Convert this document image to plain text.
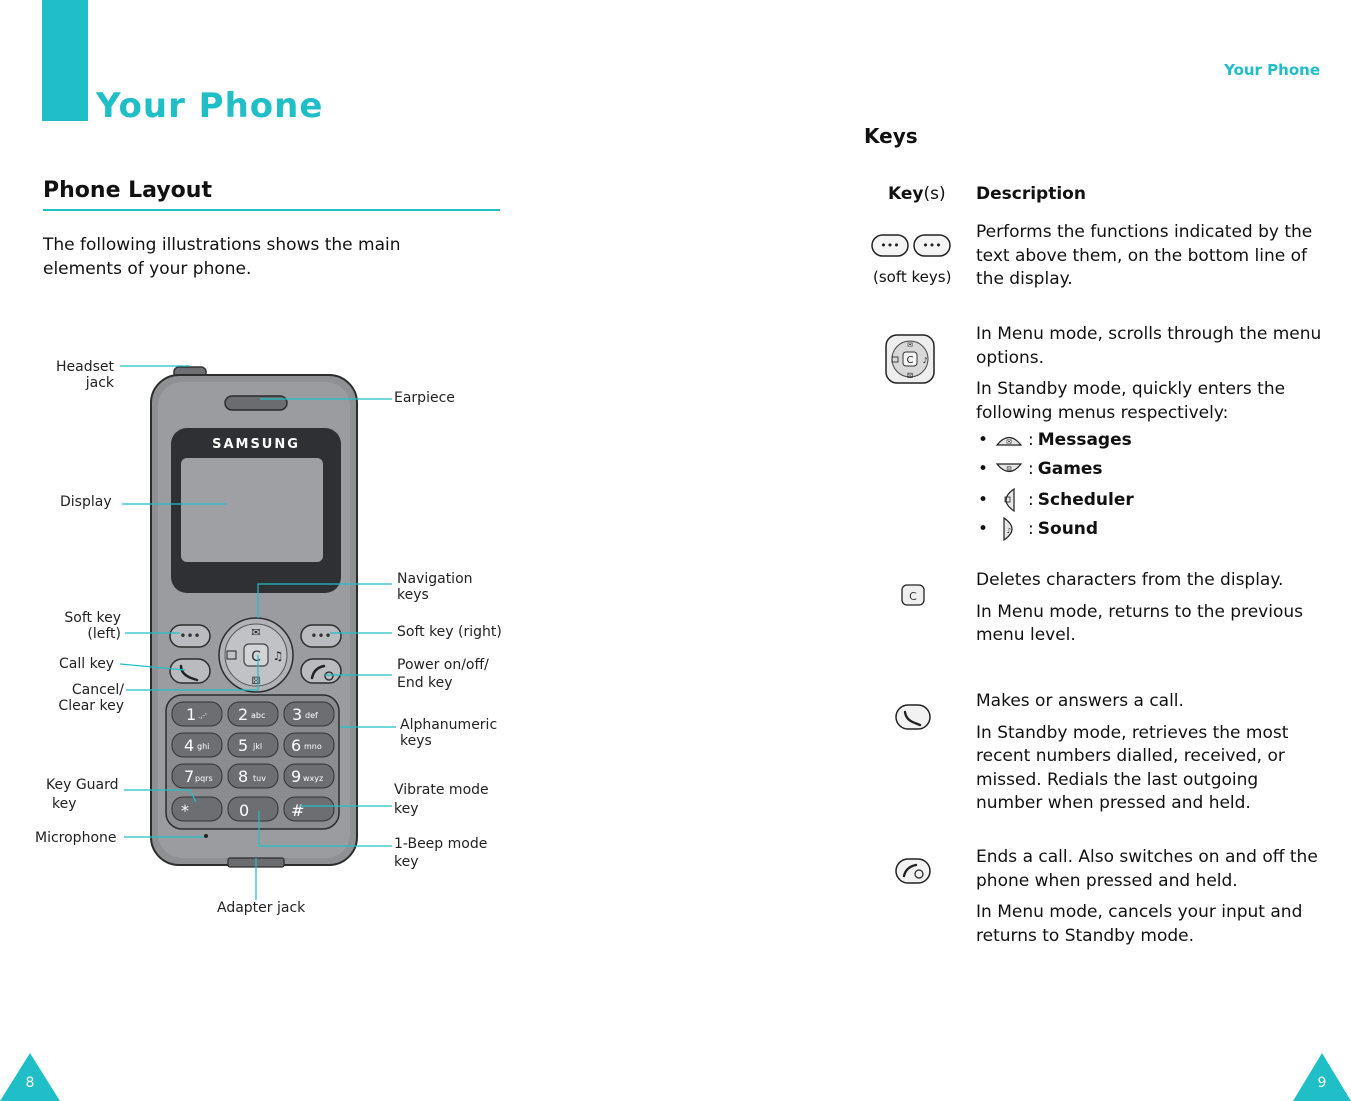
Your Phone
Phone Layout
The following illustrations shows the main
elements of your phone.
SAMSUNG
•••	•••
C
✉
♫
⚄
1 .,-' 2 abc 3 def
4 ghi 5 jkl 6 mno
7 pqrs 8 tuv 9 wxyz
*	0	#
Headset
jack
Earpiece
Display
Navigation
keys
Soft key
(left)	Soft key (right)
Call key	Power on/off/
End key
Cancel/
Clear key
Alphanumeric
keys
Key Guard
key
Vibrate mode
key
Microphone	1-Beep mode
key
Adapter jack
8
Your Phone
Keys
Key(s) Description
••• •••
(soft keys)

Performs the functions indicated by the text above them, on the bottom line of the display.

C
✉
♪
⚄

In Menu mode, scrolls through the menu options.

In Standby mode, quickly enters the following menus respectively:

•	✉ : Messages
•	⚄ : Games
• : Scheduler
•	♪ : Sound
C

Deletes characters from the display.

In Menu mode, returns to the previous menu level.

Makes or answers a call.

In Standby mode, retrieves the most recent numbers dialled, received, or missed. Redials the last outgoing number when pressed and held.

Ends a call. Also switches on and off the phone when pressed and held.

In Menu mode, cancels your input and returns to Standby mode.

9
